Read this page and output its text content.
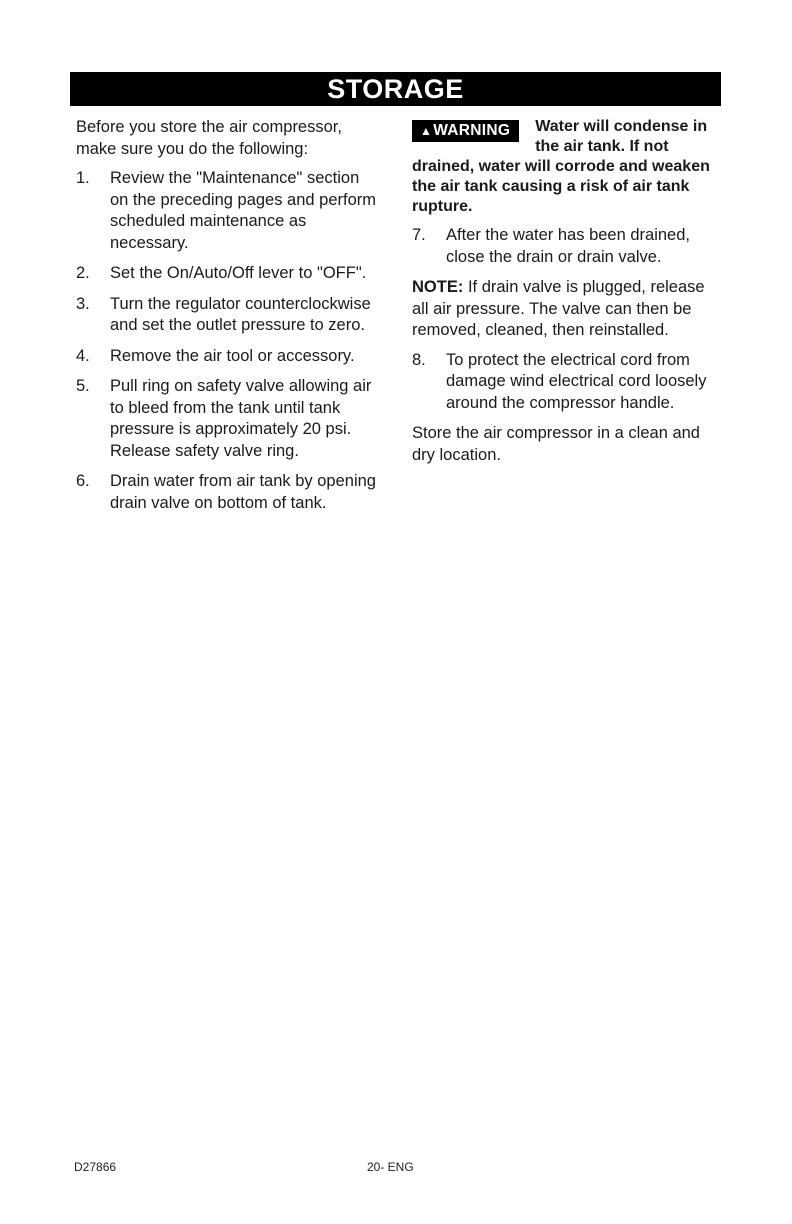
STORAGE

Before you store the air compressor, make sure you do the following:

1.	Review the "Maintenance" section on the preceding pages and perform scheduled maintenance as necessary.
2.	Set the On/Auto/Off lever to "OFF".
3.	Turn the regulator counterclockwise and set the outlet pressure to zero.
4.	Remove the air tool or accessory.
5.	Pull ring on safety valve allowing air to bleed from the tank until tank pressure is approximately 20 psi. Release safety valve ring.
6.	Drain water from air tank by opening drain valve on bottom of tank.
▲WARNING	Water will condense in the air tank. If not drained, water will corrode and weaken the air tank causing a risk of air tank rupture.
7.	After the water has been drained, close the drain or drain valve.

NOTE: If drain valve is plugged, release all air pressure. The valve can then be removed, cleaned, then reinstalled.

8.	To protect the electrical cord from damage wind electrical cord loosely around the compressor handle.

Store the air compressor in a clean and dry location.

D27866	20- ENG
